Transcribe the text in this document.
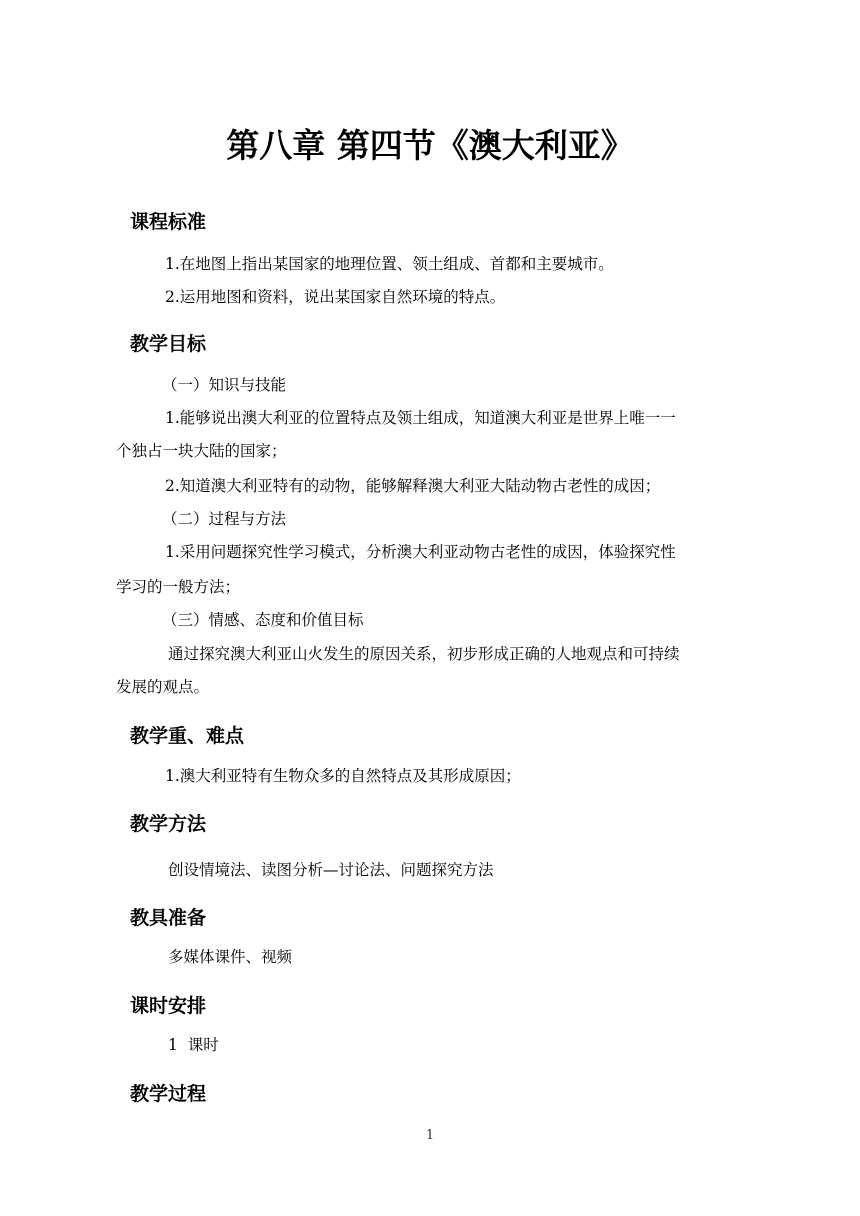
第八章 第四节《澳大利亚》
课程标准
1.在地图上指出某国家的地理位置、领土组成、首都和主要城市。
2.运用地图和资料，说出某国家自然环境的特点。
教学目标
（一）知识与技能
1.能够说出澳大利亚的位置特点及领土组成，知道澳大利亚是世界上唯一一
个独占一块大陆的国家；
2.知道澳大利亚特有的动物，能够解释澳大利亚大陆动物古老性的成因；
（二）过程与方法
1.采用问题探究性学习模式，分析澳大利亚动物古老性的成因，体验探究性
学习的一般方法；
（三）情感、态度和价值目标
通过探究澳大利亚山火发生的原因关系，初步形成正确的人地观点和可持续
发展的观点。
教学重、难点
1.澳大利亚特有生物众多的自然特点及其形成原因；
教学方法
创设情境法、读图分析—讨论法、问题探究方法
教具准备
多媒体课件、视频
课时安排
1  课时
教学过程
1
